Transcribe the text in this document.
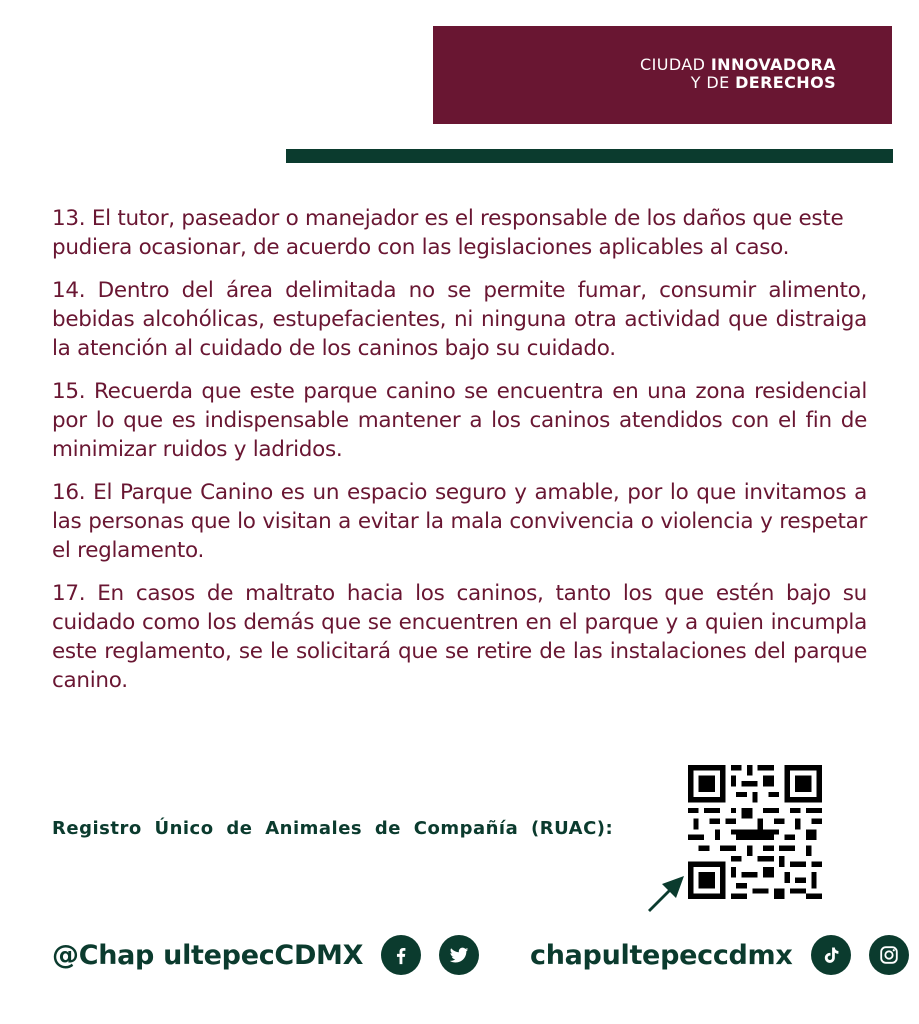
CIUDAD INNOVADORA
Y DE DERECHOS

13. El tutor, paseador o manejador es el responsable de los daños que este pudiera ocasionar, de acuerdo con las legislaciones aplicables al caso.

14. Dentro del área delimitada no se permite fumar, consumir alimento, bebidas alcohólicas, estupefacientes, ni ninguna otra actividad que distraiga la atención al cuidado de los caninos bajo su cuidado.

15. Recuerda que este parque canino se encuentra en una zona residencial por lo que es indispensable mantener a los caninos atendidos con el fin de minimizar ruidos y ladridos.

16. El Parque Canino es un espacio seguro y amable, por lo que invitamos a las personas que lo visitan a evitar la mala convivencia o violencia y respetar el reglamento.

17. En casos de maltrato hacia los caninos, tanto los que estén bajo su cuidado como los demás que se encuentren en el parque y a quien incumpla este reglamento, se le solicitará que se retire de las instalaciones del parque canino.

Registro Único de Animales de Compañía (RUAC):
@Chap ultepecCDMX	chapultepeccdmx
